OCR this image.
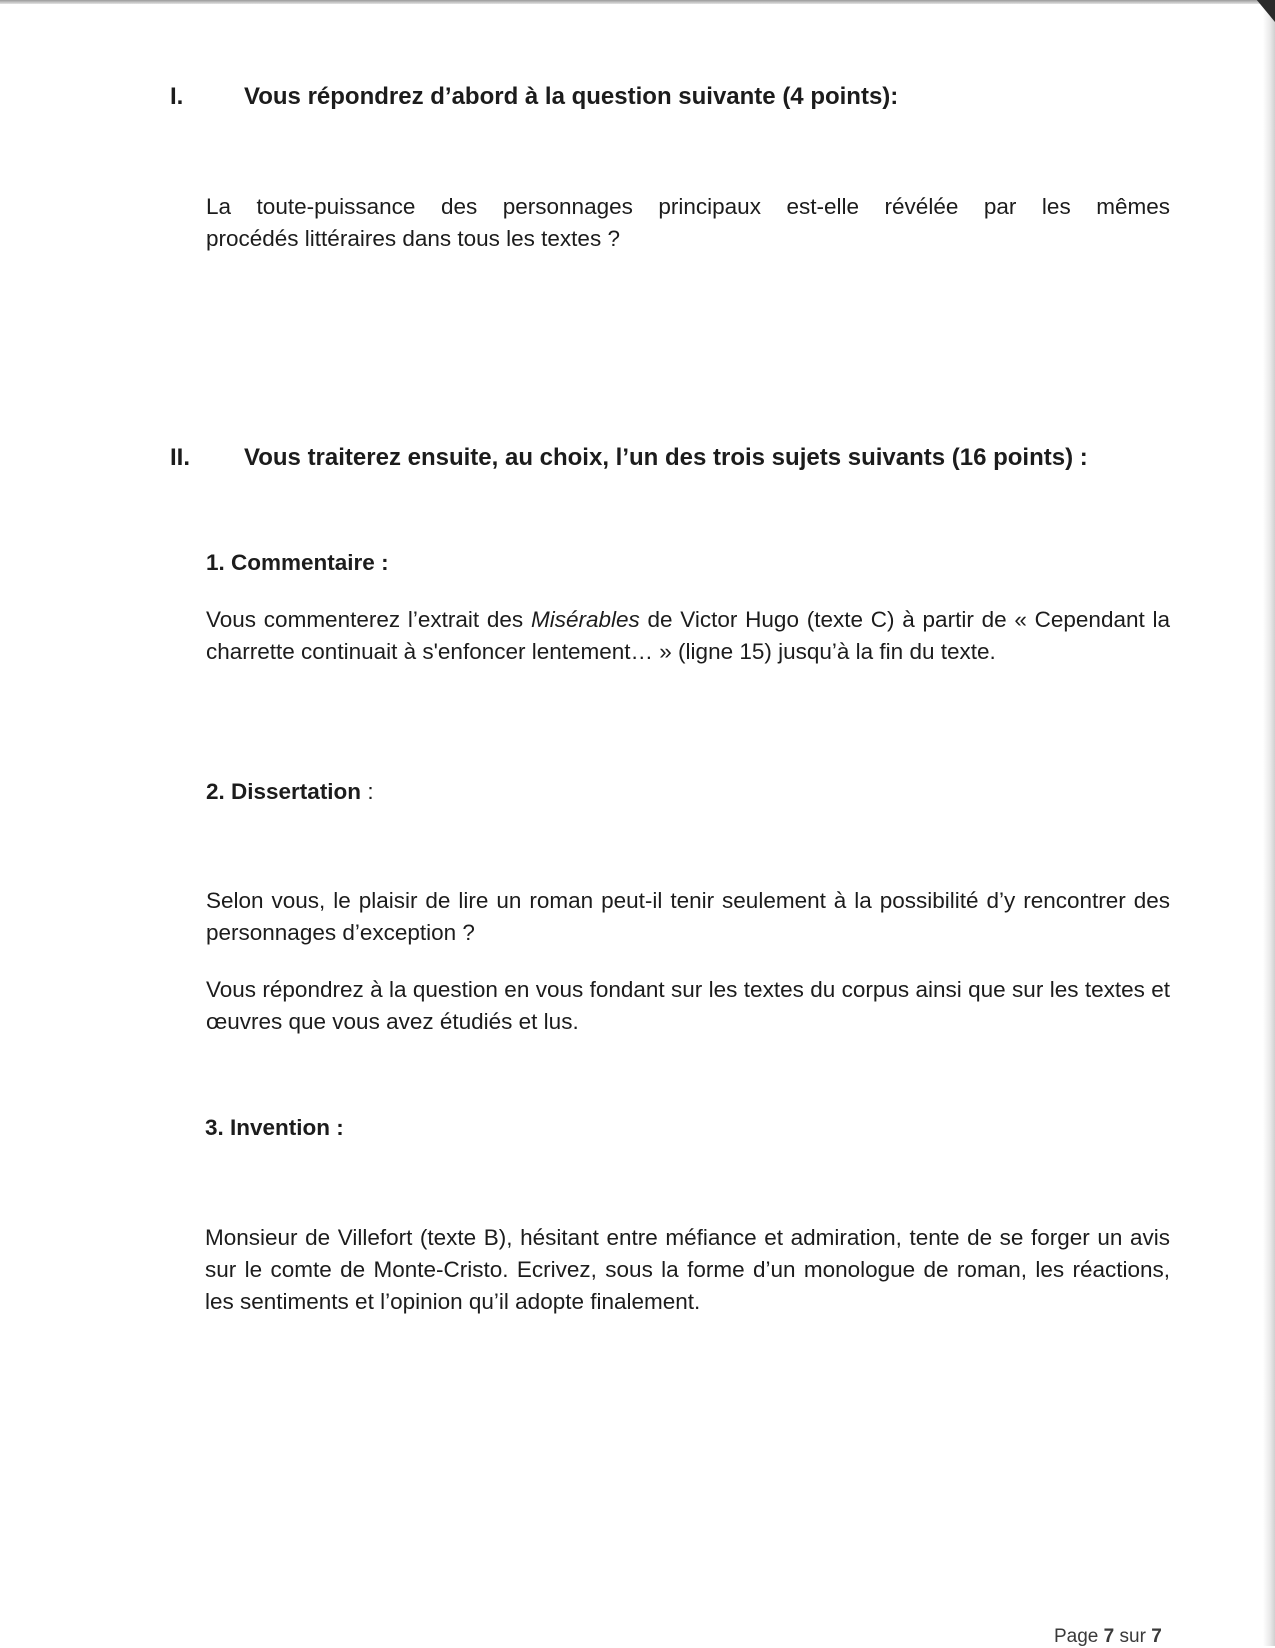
I.	Vous répondrez d’abord à la question suivante (4 points):

La toute-puissance des personnages principaux est-elle révélée par les mêmes
procédés littéraires dans tous les textes ?

II. Vous traiterez ensuite, au choix, l’un des trois sujets suivants (16 points) :
1. Commentaire :

Vous commenterez l’extrait des Misérables de Victor Hugo (texte C) à partir de « Cependant la charrette continuait à s'enfoncer lentement… » (ligne 15) jusqu’à la fin du texte.

2. Dissertation :

Selon vous, le plaisir de lire un roman peut-il tenir seulement à la possibilité d’y rencontrer des personnages d’exception ?

Vous répondrez à la question en vous fondant sur les textes du corpus ainsi que sur les textes et œuvres que vous avez étudiés et lus.

3. Invention :

Monsieur de Villefort (texte B), hésitant entre méfiance et admiration, tente de se forger un avis sur le comte de Monte-Cristo. Ecrivez, sous la forme d’un monologue de roman, les réactions, les sentiments et l’opinion qu’il adopte finalement.

Page 7 sur 7
